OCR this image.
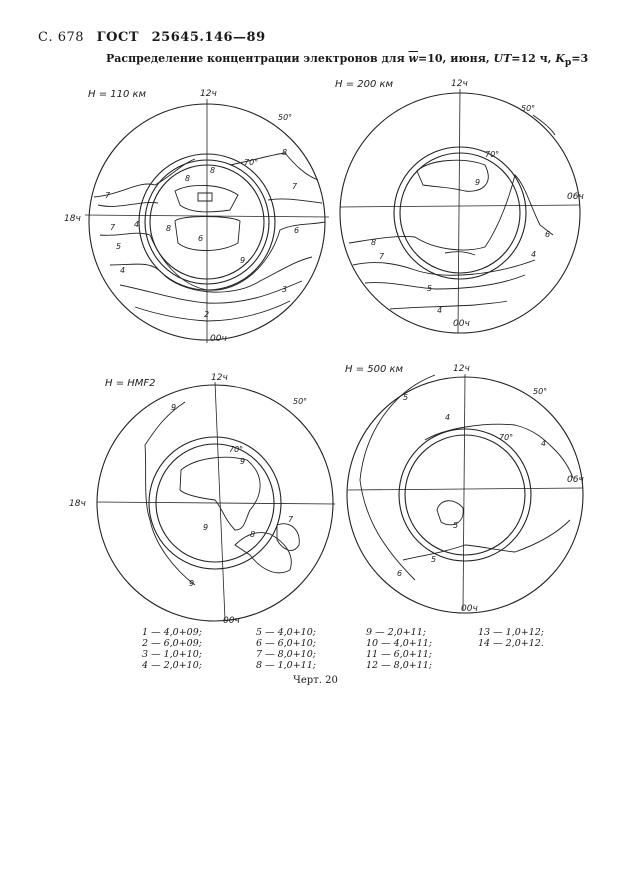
С. 678 ГОСТ 25645.146—89
Распределение концентрации электронов для $\overline{w}=10$, июня, UT=12 ч, $K_p=3$
H = 110 км	12ч
00ч
18ч
50°
70°
8
8
7
7
7	6
4
5
4
3
2
8
8
6
9
H = 200 км	12ч
00ч
06ч
50°
70°
9
8
7
6
5
4
4
H = HMF2	12ч
00ч
18ч
50°
70°
9
9
9
8
7
9
H = 500 км	12ч
00ч
06ч
50°
70°
5
4
4
5
5
6
1 — 4,0+09;
2 — 6,0+09;
3 — 1,0+10;
4 — 2,0+10;
5 — 4,0+10;
6 — 6,0+10;
7 — 8,0+10;
8 — 1,0+11;
9 — 2,0+11;
10 — 4,0+11;
11 — 6,0+11;
12 — 8,0+11;
13 — 1,0+12;
14 — 2,0+12.
Черт. 20
